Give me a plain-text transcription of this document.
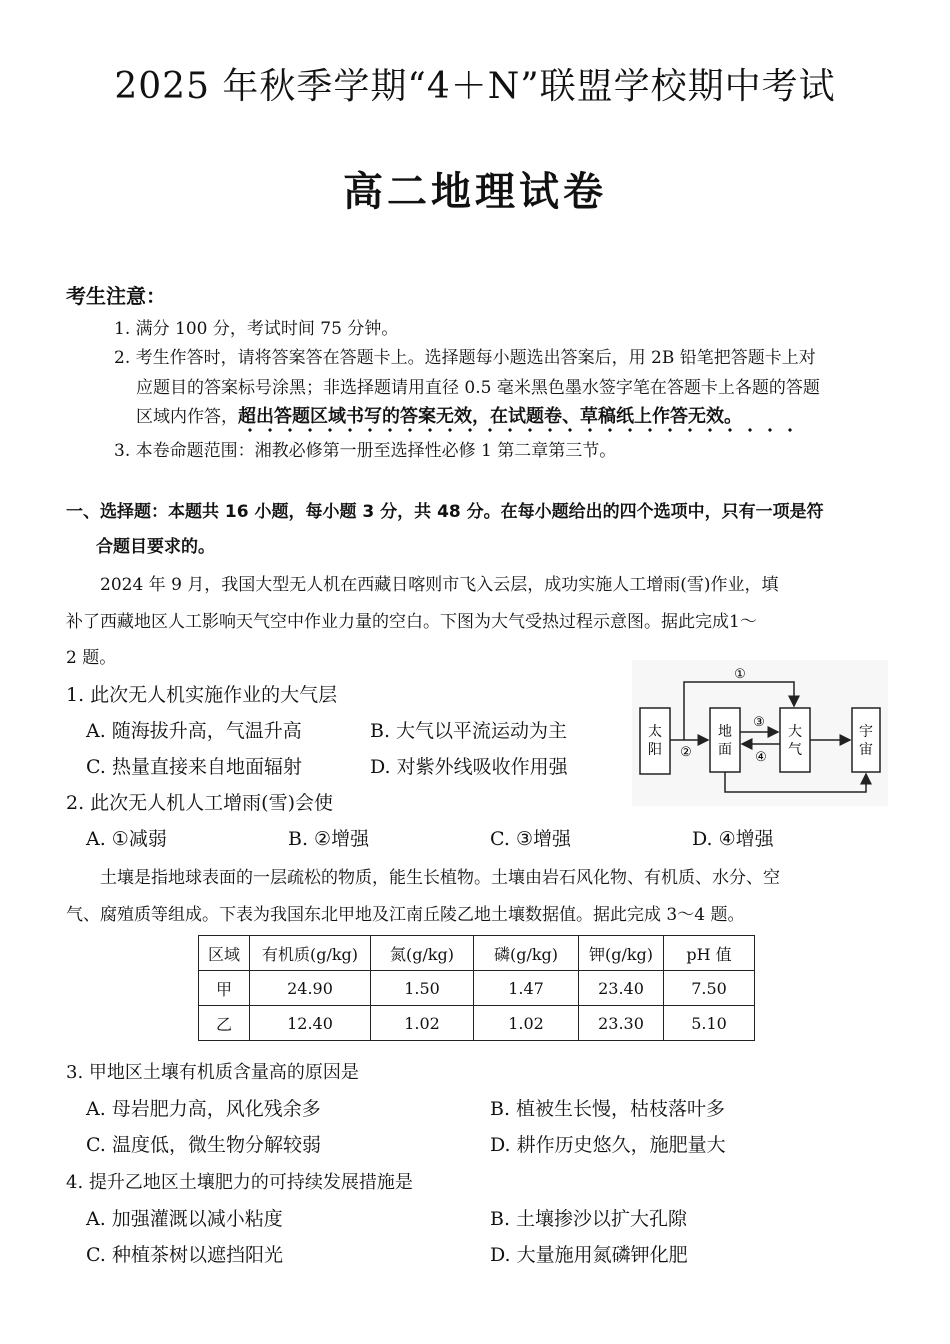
2025 年秋季学期“4＋N”联盟学校期中考试
高二地理试卷
考生注意：
1. 满分 100 分，考试时间 75 分钟。
2. 考生作答时，请将答案答在答题卡上。选择题每小题选出答案后，用 2B 铅笔把答题卡上对
应题目的答案标号涂黑；非选择题请用直径 0.5 毫米黑色墨水签字笔在答题卡上各题的答题
区域内作答，超出答题区域书写的答案无效，在试题卷、草稿纸上作答无效。
3. 本卷命题范围：湘教必修第一册至选择性必修 1 第二章第三节。
一、选择题：本题共 16 小题，每小题 3 分，共 48 分。在每小题给出的四个选项中，只有一项是符
合题目要求的。
2024 年 9 月，我国大型无人机在西藏日喀则市飞入云层，成功实施人工增雨(雪)作业，填
补了西藏地区人工影响天气空中作业力量的空白。下图为大气受热过程示意图。据此完成1～
2 题。
1. 此次无人机实施作业的大气层
A. 随海拔升高，气温升高	B. 大气以平流运动为主
C. 热量直接来自地面辐射	D. 对紫外线吸收作用强
太
阳
地
面
大
气
宇
宙
①
②
③
④
2. 此次无人机人工增雨(雪)会使
A. ①减弱	B. ②增强	C. ③增强	D. ④增强
土壤是指地球表面的一层疏松的物质，能生长植物。土壤由岩石风化物、有机质、水分、空
气、腐殖质等组成。下表为我国东北甲地及江南丘陵乙地土壤数据值。据此完成 3～4 题。
区域	有机质(g/kg)	氮(g/kg)	磷(g/kg)	钾(g/kg)	pH 值
甲	24.90	1.50	1.47	23.40	7.50
乙	12.40	1.02	1.02	23.30	5.10
3. 甲地区土壤有机质含量高的原因是
A. 母岩肥力高，风化残余多	B. 植被生长慢，枯枝落叶多
C. 温度低，微生物分解较弱	D. 耕作历史悠久，施肥量大
4. 提升乙地区土壤肥力的可持续发展措施是
A. 加强灌溉以减小粘度	B. 土壤掺沙以扩大孔隙
C. 种植茶树以遮挡阳光	D. 大量施用氮磷钾化肥
